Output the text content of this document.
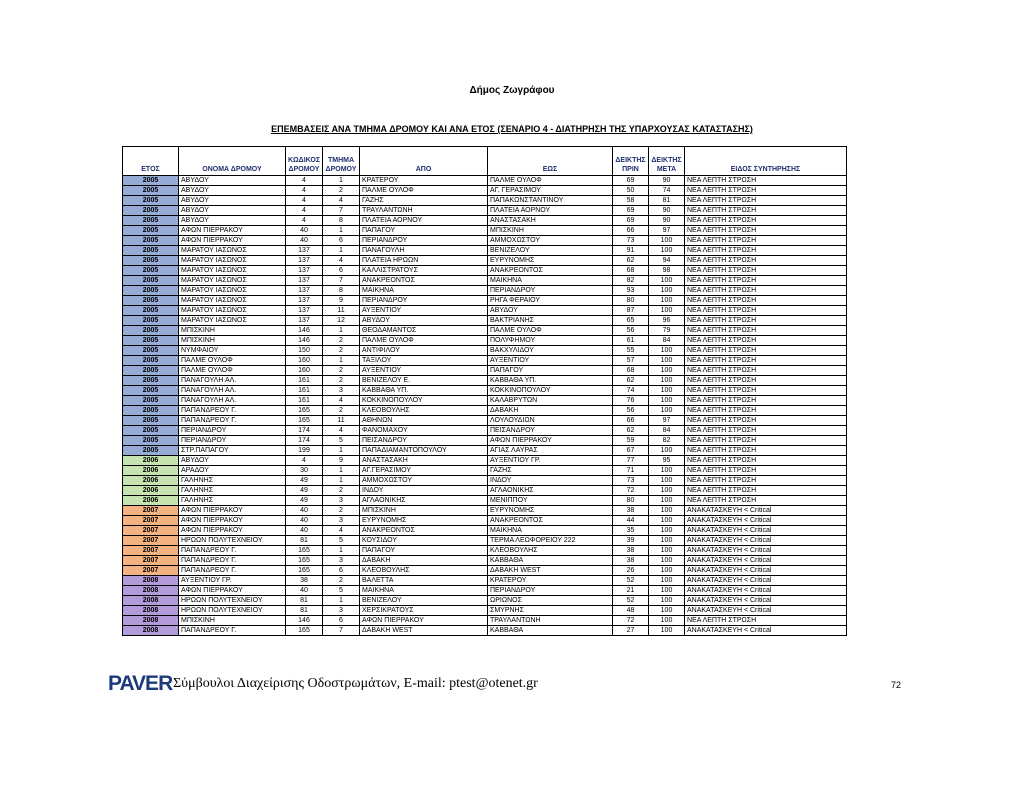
Δήμος Ζωγράφου
ΕΠΕΜΒΑΣΕΙΣ ΑΝΑ ΤΜΗΜΑ ΔΡΟΜΟΥ ΚΑΙ ΑΝΑ ΕΤΟΣ (ΣΕΝΑΡΙΟ 4 - ΔΙΑΤΗΡΗΣΗ ΤΗΣ ΥΠΑΡΧΟΥΣΑΣ ΚΑΤΑΣΤΑΣΗΣ)
ΕΤΟΣ	ΟΝΟΜΑ ΔΡΟΜΟΥ	ΚΩΔΙΚΟΣ ΔΡΟΜΟΥ	ΤΜΗΜΑ ΔΡΟΜΟΥ	ΑΠΟ	ΕΩΣ	ΔΕΙΚΤΗΣ ΠΡΙΝ	ΔΕΙΚΤΗΣ ΜΕΤΑ	ΕΙΔΟΣ ΣΥΝΤΗΡΗΣΗΣ
2005	ΑΒΥΔΟΥ	4	1	ΚΡΑΤΕΡΟΥ	ΠΑΛΜΕ ΟΥΛΟΦ	69	90	ΝΕΑ ΛΕΠΤΗ ΣΤΡΩΣΗ
2005	ΑΒΥΔΟΥ	4	2	ΠΑΛΜΕ ΟΥΛΟΦ	ΑΓ. ΓΕΡΑΣΙΜΟΥ	50	74	ΝΕΑ ΛΕΠΤΗ ΣΤΡΩΣΗ
2005	ΑΒΥΔΟΥ	4	4	ΓΑΖΗΣ	ΠΑΠΑΚΩΝΣΤΑΝΤΙΝΟΥ	58	81	ΝΕΑ ΛΕΠΤΗ ΣΤΡΩΣΗ
2005	ΑΒΥΔΟΥ	4	7	ΤΡΑΥΛΑΝΤΩΝΗ	ΠΛΑΤΕΙΑ ΑΟΡΝΟΥ	69	90	ΝΕΑ ΛΕΠΤΗ ΣΤΡΩΣΗ
2005	ΑΒΥΔΟΥ	4	8	ΠΛΑΤΕΙΑ ΑΟΡΝΟΥ	ΑΝΑΣΤΑΣΑΚΗ	69	90	ΝΕΑ ΛΕΠΤΗ ΣΤΡΩΣΗ
2005	ΑΦΩΝ ΠΙΕΡΡΑΚΟΥ	40	1	ΠΑΠΑΓΟΥ	ΜΠΙΣΚΙΝΗ	66	97	ΝΕΑ ΛΕΠΤΗ ΣΤΡΩΣΗ
2005	ΑΦΩΝ ΠΙΕΡΡΑΚΟΥ	40	6	ΠΕΡΙΑΝΔΡΟΥ	ΑΜΜΟΧΩΣΤΟΥ	73	100	ΝΕΑ ΛΕΠΤΗ ΣΤΡΩΣΗ
2005	ΜΑΡΑΤΟΥ ΙΑΣΩΝΟΣ	137	1	ΠΑΝΑΓΟΥΛΗ	ΒΕΝΙΖΕΛΟΥ	91	100	ΝΕΑ ΛΕΠΤΗ ΣΤΡΩΣΗ
2005	ΜΑΡΑΤΟΥ ΙΑΣΩΝΟΣ	137	4	ΠΛΑΤΕΙΑ ΗΡΩΩΝ	ΕΥΡΥΝΟΜΗΣ	62	94	ΝΕΑ ΛΕΠΤΗ ΣΤΡΩΣΗ
2005	ΜΑΡΑΤΟΥ ΙΑΣΩΝΟΣ	137	6	ΚΑΛΛΙΣΤΡΑΤΟΥΣ	ΑΝΑΚΡΕΟΝΤΟΣ	68	98	ΝΕΑ ΛΕΠΤΗ ΣΤΡΩΣΗ
2005	ΜΑΡΑΤΟΥ ΙΑΣΩΝΟΣ	137	7	ΑΝΑΚΡΕΟΝΤΟΣ	ΜΑΙΚΗΝΑ	82	100	ΝΕΑ ΛΕΠΤΗ ΣΤΡΩΣΗ
2005	ΜΑΡΑΤΟΥ ΙΑΣΩΝΟΣ	137	8	ΜΑΙΚΗΝΑ	ΠΕΡΙΑΝΔΡΟΥ	93	100	ΝΕΑ ΛΕΠΤΗ ΣΤΡΩΣΗ
2005	ΜΑΡΑΤΟΥ ΙΑΣΩΝΟΣ	137	9	ΠΕΡΙΑΝΔΡΟΥ	ΡΗΓΑ ΦΕΡΑΙΟΥ	80	100	ΝΕΑ ΛΕΠΤΗ ΣΤΡΩΣΗ
2005	ΜΑΡΑΤΟΥ ΙΑΣΩΝΟΣ	137	11	ΑΥΞΕΝΤΙΟΥ	ΑΒΥΔΟΥ	87	100	ΝΕΑ ΛΕΠΤΗ ΣΤΡΩΣΗ
2005	ΜΑΡΑΤΟΥ ΙΑΣΩΝΟΣ	137	12	ΑΒΥΔΟΥ	ΒΑΚΤΡΙΑΝΗΣ	65	96	ΝΕΑ ΛΕΠΤΗ ΣΤΡΩΣΗ
2005	ΜΠΙΣΚΙΝΗ	146	1	ΘΕΟΔΑΜΑΝΤΟΣ	ΠΑΛΜΕ ΟΥΛΟΦ	56	79	ΝΕΑ ΛΕΠΤΗ ΣΤΡΩΣΗ
2005	ΜΠΙΣΚΙΝΗ	146	2	ΠΑΛΜΕ ΟΥΛΟΦ	ΠΟΛΥΦΗΜΟΥ	61	84	ΝΕΑ ΛΕΠΤΗ ΣΤΡΩΣΗ
2005	ΝΥΜΦΑΙΟΥ	150	2	ΑΝΤΙΦΙΛΟΥ	ΒΑΚΧΥΛΙΔΟΥ	55	100	ΝΕΑ ΛΕΠΤΗ ΣΤΡΩΣΗ
2005	ΠΑΛΜΕ ΟΥΛΟΦ	160	1	ΤΑΞΙΛΟΥ	ΑΥΞΕΝΤΙΟΥ	57	100	ΝΕΑ ΛΕΠΤΗ ΣΤΡΩΣΗ
2005	ΠΑΛΜΕ ΟΥΛΟΦ	160	2	ΑΥΞΕΝΤΙΟΥ	ΠΑΠΑΓΟΥ	68	100	ΝΕΑ ΛΕΠΤΗ ΣΤΡΩΣΗ
2005	ΠΑΝΑΓΟΥΛΗ ΑΛ.	161	2	ΒΕΝΙΖΕΛΟΥ Ε.	ΚΑΒΒΑΘΑ ΥΠ.	62	100	ΝΕΑ ΛΕΠΤΗ ΣΤΡΩΣΗ
2005	ΠΑΝΑΓΟΥΛΗ ΑΛ.	161	3	ΚΑΒΒΑΘΑ ΥΠ.	ΚΟΚΚΙΝΟΠΟΥΛΟΥ	74	100	ΝΕΑ ΛΕΠΤΗ ΣΤΡΩΣΗ
2005	ΠΑΝΑΓΟΥΛΗ ΑΛ.	161	4	ΚΟΚΚΙΝΟΠΟΥΛΟΥ	ΚΑΛΑΒΡΥΤΩΝ	76	100	ΝΕΑ ΛΕΠΤΗ ΣΤΡΩΣΗ
2005	ΠΑΠΑΝΔΡΕΟΥ Γ.	165	2	ΚΛΕΟΒΟΥΛΗΣ	ΔΑΒΑΚΗ	56	100	ΝΕΑ ΛΕΠΤΗ ΣΤΡΩΣΗ
2005	ΠΑΠΑΝΔΡΕΟΥ Γ.	165	11	ΑΘΗΝΩΝ	ΛΟΥΛΟΥΔΙΩΝ	66	97	ΝΕΑ ΛΕΠΤΗ ΣΤΡΩΣΗ
2005	ΠΕΡΙΑΝΔΡΟΥ	174	4	ΦΑΝΟΜΑΧΟΥ	ΠΕΙΣΑΝΔΡΟΥ	62	84	ΝΕΑ ΛΕΠΤΗ ΣΤΡΩΣΗ
2005	ΠΕΡΙΑΝΔΡΟΥ	174	5	ΠΕΙΣΑΝΔΡΟΥ	ΑΦΩΝ ΠΙΕΡΡΑΚΟΥ	59	82	ΝΕΑ ΛΕΠΤΗ ΣΤΡΩΣΗ
2005	ΣΤΡ.ΠΑΠΑΓΟΥ	199	1	ΠΑΠΑΔΙΑΜΑΝΤΟΠΟΥΛΟΥ	ΑΓΙΑΣ ΛΑΥΡΑΣ	67	100	ΝΕΑ ΛΕΠΤΗ ΣΤΡΩΣΗ
2006	ΑΒΥΔΟΥ	4	9	ΑΝΑΣΤΑΣΑΚΗ	ΑΥΞΕΝΤΙΟΥ ΓΡ.	77	95	ΝΕΑ ΛΕΠΤΗ ΣΤΡΩΣΗ
2006	ΑΡΑΔΟΥ	30	1	ΑΓ.ΓΕΡΑΣΙΜΟΥ	ΓΑΖΗΣ	71	100	ΝΕΑ ΛΕΠΤΗ ΣΤΡΩΣΗ
2006	ΓΑΛΗΝΗΣ	49	1	ΑΜΜΟΧΩΣΤΟΥ	ΙΝΔΟΥ	73	100	ΝΕΑ ΛΕΠΤΗ ΣΤΡΩΣΗ
2006	ΓΑΛΗΝΗΣ	49	2	ΙΝΔΟΥ	ΑΓΛΑΟΝΙΚΗΣ	72	100	ΝΕΑ ΛΕΠΤΗ ΣΤΡΩΣΗ
2006	ΓΑΛΗΝΗΣ	49	3	ΑΓΛΑΟΝΙΚΗΣ	ΜΕΝΙΠΠΟΥ	80	100	ΝΕΑ ΛΕΠΤΗ ΣΤΡΩΣΗ
2007	ΑΦΩΝ ΠΙΕΡΡΑΚΟΥ	40	2	ΜΠΙΣΚΙΝΗ	ΕΥΡΥΝΟΜΗΣ	38	100	ΑΝΑΚΑΤΑΣΚΕΥΗ < Critical
2007	ΑΦΩΝ ΠΙΕΡΡΑΚΟΥ	40	3	ΕΥΡΥΝΟΜΗΣ	ΑΝΑΚΡΕΟΝΤΟΣ	44	100	ΑΝΑΚΑΤΑΣΚΕΥΗ < Critical
2007	ΑΦΩΝ ΠΙΕΡΡΑΚΟΥ	40	4	ΑΝΑΚΡΕΟΝΤΟΣ	ΜΑΙΚΗΝΑ	35	100	ΑΝΑΚΑΤΑΣΚΕΥΗ < Critical
2007	ΗΡΩΩΝ ΠΟΛΥΤΕΧΝΕΙΟΥ	81	5	ΚΟΥΣΙΔΟΥ	ΤΕΡΜΑ ΛΕΩΦΟΡΕΙΟΥ 222	39	100	ΑΝΑΚΑΤΑΣΚΕΥΗ < Critical
2007	ΠΑΠΑΝΔΡΕΟΥ Γ.	165	1	ΠΑΠΑΓΟΥ	ΚΛΕΟΒΟΥΛΗΣ	38	100	ΑΝΑΚΑΤΑΣΚΕΥΗ < Critical
2007	ΠΑΠΑΝΔΡΕΟΥ Γ.	165	3	ΔΑΒΑΚΗ	ΚΑΒΒΑΘΑ	38	100	ΑΝΑΚΑΤΑΣΚΕΥΗ < Critical
2007	ΠΑΠΑΝΔΡΕΟΥ Γ.	165	6	ΚΛΕΟΒΟΥΛΗΣ	ΔΑΒΑΚΗ WEST	26	100	ΑΝΑΚΑΤΑΣΚΕΥΗ < Critical
2008	ΑΥΞΕΝΤΙΟΥ ΓΡ.	38	2	ΒΑΛΕΤΤΑ	ΚΡΑΤΕΡΟΥ	52	100	ΑΝΑΚΑΤΑΣΚΕΥΗ < Critical
2008	ΑΦΩΝ ΠΙΕΡΡΑΚΟΥ	40	5	ΜΑΙΚΗΝΑ	ΠΕΡΙΑΝΔΡΟΥ	21	100	ΑΝΑΚΑΤΑΣΚΕΥΗ < Critical
2008	ΗΡΩΩΝ ΠΟΛΥΤΕΧΝΕΙΟΥ	81	1	ΒΕΝΙΖΕΛΟΥ	ΩΡΙΩΝΟΣ	52	100	ΑΝΑΚΑΤΑΣΚΕΥΗ < Critical
2008	ΗΡΩΩΝ ΠΟΛΥΤΕΧΝΕΙΟΥ	81	3	ΧΕΡΣΙΚΡΑΤΟΥΣ	ΣΜΥΡΝΗΣ	48	100	ΑΝΑΚΑΤΑΣΚΕΥΗ < Critical
2008	ΜΠΙΣΚΙΝΗ	146	6	ΑΦΩΝ ΠΙΕΡΡΑΚΟΥ	ΤΡΑΥΛΑΝΤΩΝΗ	72	100	ΝΕΑ ΛΕΠΤΗ ΣΤΡΩΣΗ
2008	ΠΑΠΑΝΔΡΕΟΥ Γ.	165	7	ΔΑΒΑΚΗ WEST	ΚΑΒΒΑΘΑ	27	100	ΑΝΑΚΑΤΑΣΚΕΥΗ < Critical
PAVER Σύμβουλοι Διαχείρισης Οδοστρωμάτων, E-mail: ptest@otenet.gr	72
